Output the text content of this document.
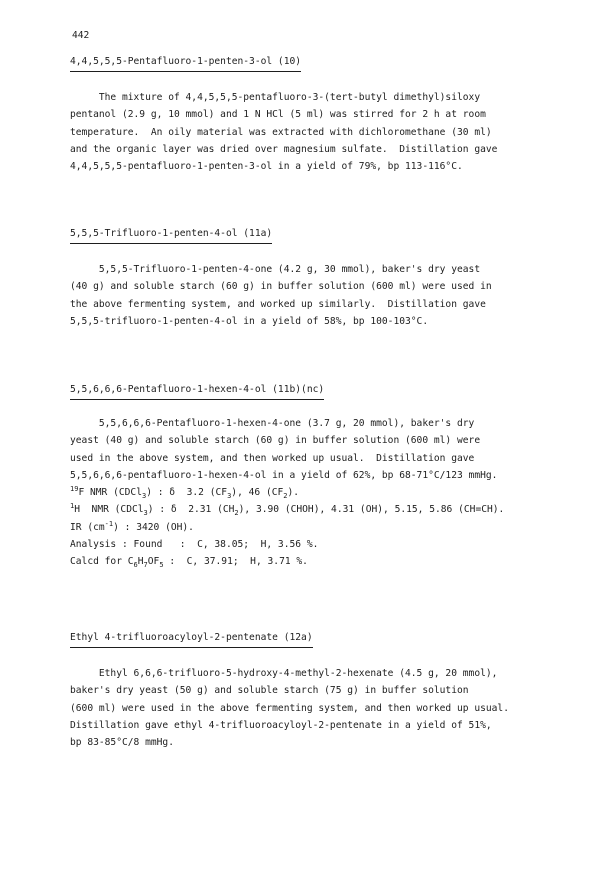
442
4,4,5,5,5-Pentafluoro-1-penten-3-ol (10)
The mixture of 4,4,5,5,5-pentafluoro-3-(tert-butyl dimethyl)siloxy
pentanol (2.9 g, 10 mmol) and 1 N HCl (5 ml) was stirred for 2 h at room
temperature.  An oily material was extracted with dichloromethane (30 ml)
and the organic layer was dried over magnesium sulfate.  Distillation gave
4,4,5,5,5-pentafluoro-1-penten-3-ol in a yield of 79%, bp 113-116°C.
5,5,5-Trifluoro-1-penten-4-ol (11a)
5,5,5-Trifluoro-1-penten-4-one (4.2 g, 30 mmol), baker's dry yeast
(40 g) and soluble starch (60 g) in buffer solution (600 ml) were used in
the above fermenting system, and worked up similarly.  Distillation gave
5,5,5-trifluoro-1-penten-4-ol in a yield of 58%, bp 100-103°C.
5,5,6,6,6-Pentafluoro-1-hexen-4-ol (11b)(nc)
5,5,6,6,6-Pentafluoro-1-hexen-4-one (3.7 g, 20 mmol), baker's dry
yeast (40 g) and soluble starch (60 g) in buffer solution (600 ml) were
used in the above system, and then worked up usual.  Distillation gave
5,5,6,6,6-pentafluoro-1-hexen-4-ol in a yield of 62%, bp 68-71°C/123 mmHg.
$^{19}$F NMR (CDCl$_3$) : δ  3.2 $(CF_3)$, 46 $(CF_2)$.
$^1$H  NMR (CDCl$_3$) : δ  2.31 $(CH_2)$, 3.90 (CHOH), 4.31 (OH), 5.15, 5.86 (CH=CH).
IR $(cm^{-1})$ : 3420 (OH).
Analysis : Found   :  C, 38.05;  H, 3.56 %.
Calcd for $C_6H_7OF_5$ :  C, 37.91;  H, 3.71 %.
Ethyl 4-trifluoroacyloyl-2-pentenate (12a)
Ethyl 6,6,6-trifluoro-5-hydroxy-4-methyl-2-hexenate (4.5 g, 20 mmol),
baker's dry yeast (50 g) and soluble starch (75 g) in buffer solution
(600 ml) were used in the above fermenting system, and then worked up usual.
Distillation gave ethyl 4-trifluoroacyloyl-2-pentenate in a yield of 51%,
bp 83-85°C/8 mmHg.
